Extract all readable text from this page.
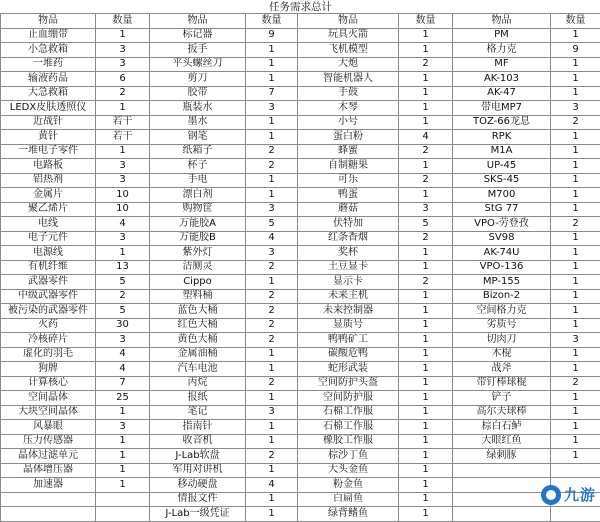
任务需求总计							
物品	数量	物品	数量	物品	数量	物品	数量
止血绷带	1	标记器	9	玩具火箭	1	PM	1
小急救箱	3	扳手	1	飞机模型	1	格力克	9
一堆药	3	平头螺丝刀	1	大炮	2	MF	1
输液药品	6	剪刀	1	智能机器人	1	AK-103	1
大急救箱	2	胶带	7	手鼓	1	AK-47	1
LEDX皮肤透照仪	1	瓶装水	3	木琴	1	带电MP7	3
近战针	若干	墨水	1	小号	1	TOZ-66龙息	2
黄针	若干	钢笔	1	蛋白粉	4	RPK	1
一堆电子零件	1	纸箱子	2	蜂蜜	2	M1A	1
电路板	3	杯子	2	自制糖果	1	UP-45	1
铝热剂	3	手电	1	可乐	2	SKS-45	1
金属片	10	漂白剂	1	鸭蛋	1	M700	1
聚乙烯片	10	购物筐	3	蘑菇	3	StG 77	1
电线	4	万能胶A	5	伏特加	5	VPO-劳登孜	2
电子元件	3	万能胶B	4	红条香烟	2	SV98	1
电源线	1	紫外灯	3	奖杯	1	AK-74U	1
有机纤维	13	洁厕灵	2	土豆显卡	1	VPO-136	1
武器零件	5	Cippo	1	显示卡	2	MP-155	1
中级武器零件	2	塑料桶	2	未来主机	1	Bizon-2	1
被污染的武器零件	5	蓝色大桶	2	未来控制器	1	空间格力克	1
火药	30	红色大桶	2	显质号	1	劣质号	1
冷核碎片	3	黄色大桶	2	鸭鸭矿工	1	切肉刀	3
虚化的羽毛	4	金属油桶	1	碳酸危鸭	1	木棍	1
狗牌	4	汽车电池	1	蛇形武装	1	战斧	1
计算核心	7	丙烷	2	空间防护头盔	1	带钉棒球棍	2
空间晶体	25	报纸	1	空间防护服	1	铲子	1
大块空间晶体	1	笔记	3	石棉工作服	1	高尔夫球棒	1
风暴眼	3	指南针	1	石棉工作服	1	棕白石鲈	1
压力传感器	1	收音机	1	橡胶工作服	1	大眼红鱼	1
晶体过滤单元	1	J-Lab软盘	2	棕沙丁鱼	1	绿刺豚	1
晶体增压器	1	军用对讲机	1	大头金鱼	1		
加速器	1	移动硬盘	4	粉金鱼	1		
		情报文件	1	白扁鱼	1		
		J-Lab一级凭证	1	绿背鳍鱼	1		
九游
